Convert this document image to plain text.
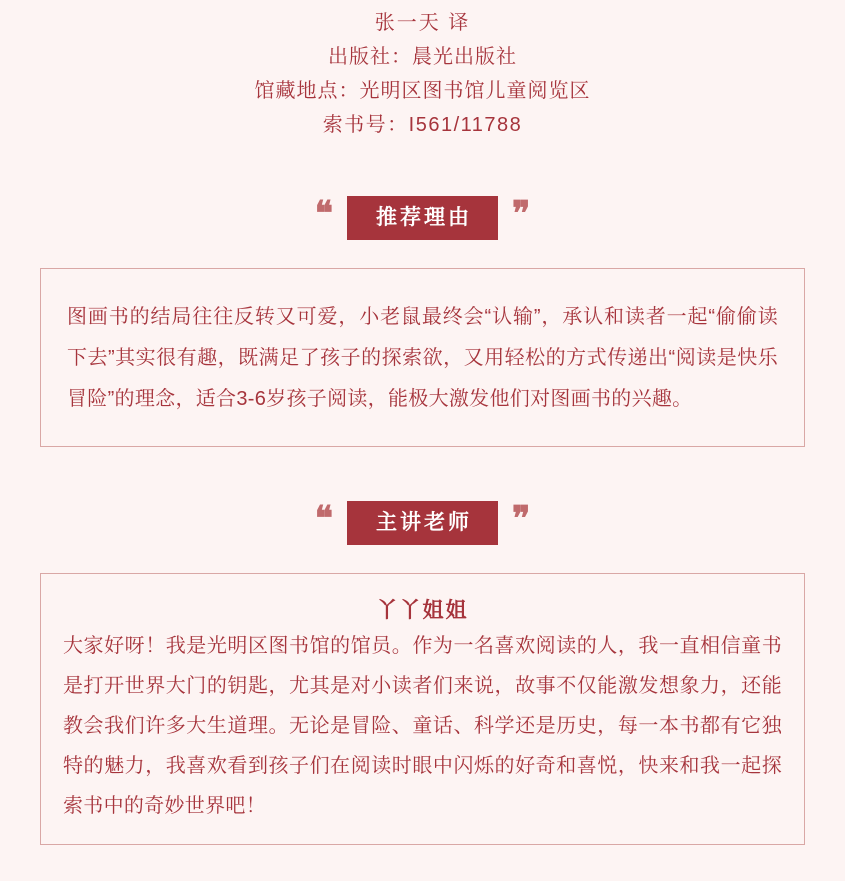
张一天 译
出版社：晨光出版社
馆藏地点：光明区图书馆儿童阅览区
索书号：I561/11788
❝	推荐理由	❞

图画书的结局往往反转又可爱，小老鼠最终会“认输”，承认和读者一起“偷偷读下去”其实很有趣，既满足了孩子的探索欲，又用轻松的方式传递出“阅读是快乐冒险”的理念，适合3-6岁孩子阅读，能极大激发他们对图画书的兴趣。

❝	主讲老师	❞
丫丫姐姐

大家好呀！我是光明区图书馆的馆员。作为一名喜欢阅读的人，我一直相信童书是打开世界大门的钥匙，尤其是对小读者们来说，故事不仅能激发想象力，还能教会我们许多大生道理。无论是冒险、童话、科学还是历史，每一本书都有它独特的魅力，我喜欢看到孩子们在阅读时眼中闪烁的好奇和喜悦，快来和我一起探索书中的奇妙世界吧！
